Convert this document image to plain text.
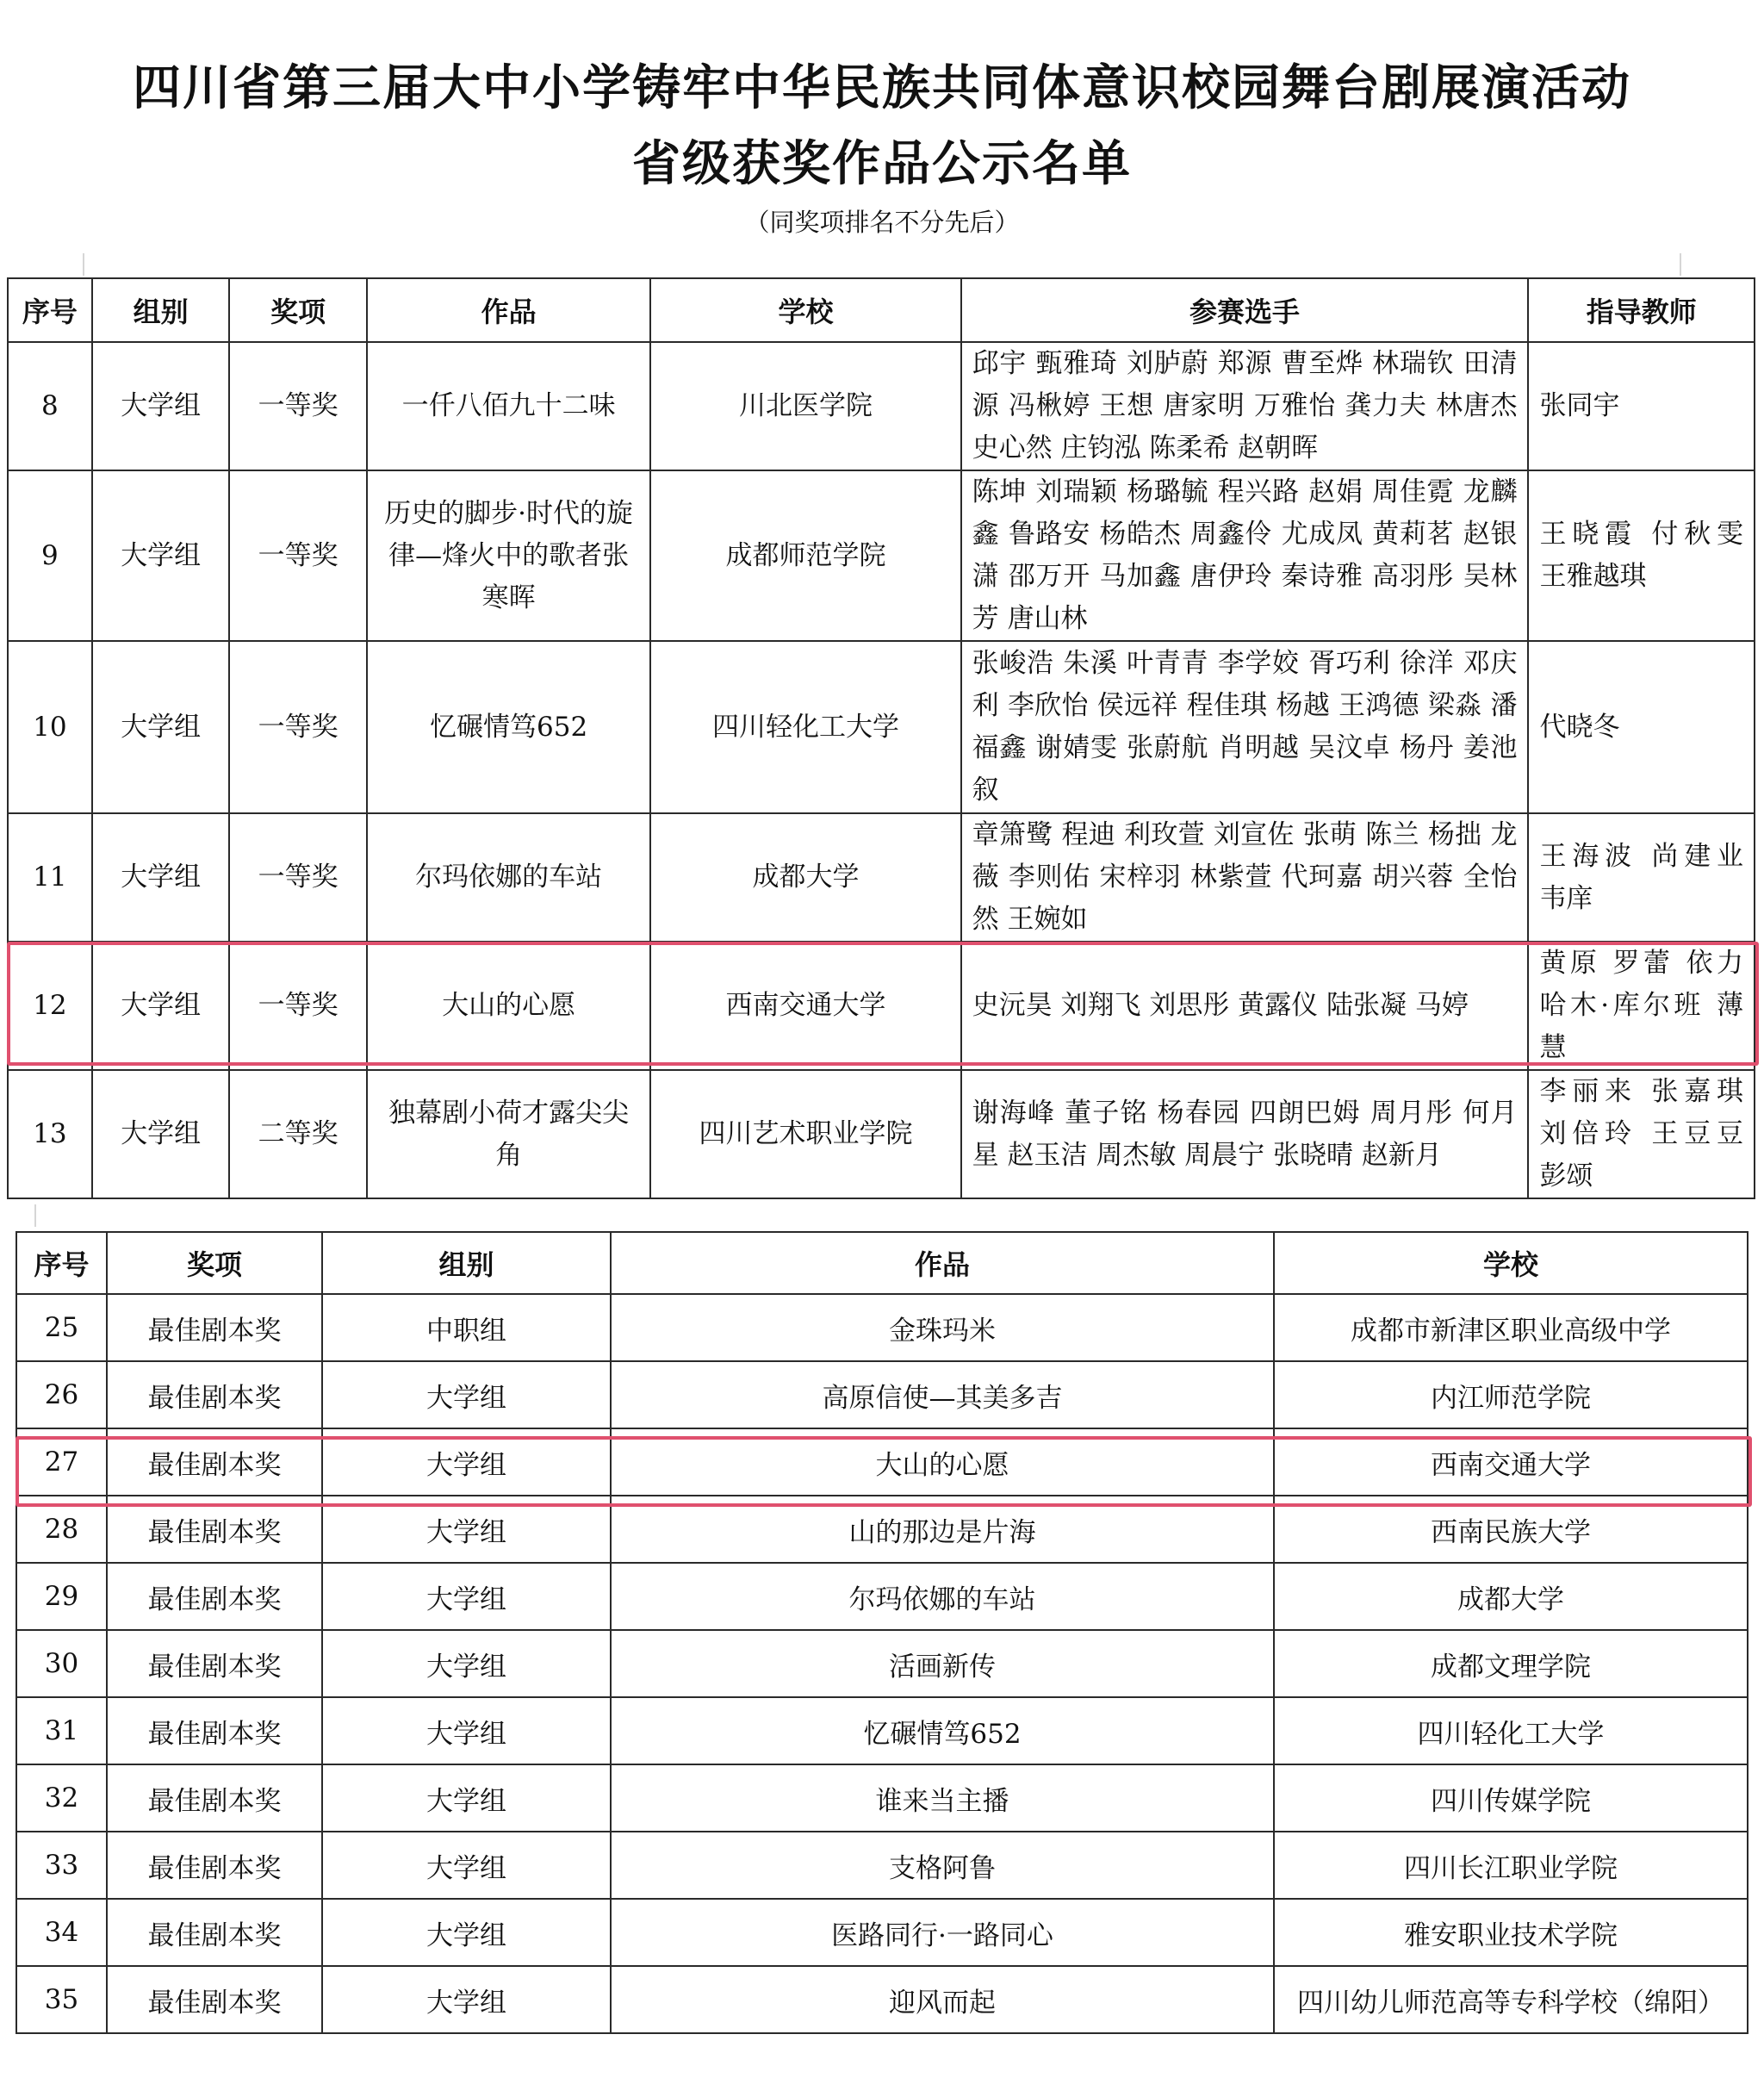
四川省第三届大中小学铸牢中华民族共同体意识校园舞台剧展演活动
省级获奖作品公示名单
（同奖项排名不分先后）
序号	组别	奖项	作品	学校	参赛选手	指导教师
8	大学组	一等奖	一仟八佰九十二味	川北医学院	邱宇 甄雅琦 刘胪蔚 郑源 曹至烨 林瑞钦 田清源 冯楸婷 王想 唐家明 万雅怡 龚力夫 林唐杰 史心然 庄钧泓 陈柔希 赵朝晖	张同宇
9	大学组	一等奖	历史的脚步·时代的旋律—烽火中的歌者张寒晖	成都师范学院	陈坤 刘瑞颖 杨璐毓 程兴路 赵娟 周佳霓 龙麟鑫 鲁路安 杨皓杰 周鑫伶 尤成凤 黄莉茗 赵银潇 邵万开 马加鑫 唐伊玲 秦诗雅 高羽彤 吴林芳 唐山林	王晓霞 付秋雯 王雅越琪
10	大学组	一等奖	忆碾情笃652	四川轻化工大学	张峻浩 朱溪 叶青青 李学姣 胥巧利 徐洋 邓庆利 李欣怡 侯远祥 程佳琪 杨越 王鸿德 梁淼 潘福鑫 谢婧雯 张蔚航 肖明越 吴汶卓 杨丹 姜池叙	代晓冬
11	大学组	一等奖	尔玛依娜的车站	成都大学	章箫鹭 程迪 利玫萱 刘宣佐 张萌 陈兰 杨拙 龙薇 李则佑 宋梓羽 林紫萱 代珂嘉 胡兴蓉 全怡然 王婉如	王海波 尚建业 韦庠
12	大学组	一等奖	大山的心愿	西南交通大学	史沅昊 刘翔飞 刘思彤 黄露仪 陆张凝 马婷	黄原 罗蕾 依力哈木·库尔班 薄慧
13	大学组	二等奖	独幕剧小荷才露尖尖角	四川艺术职业学院	谢海峰 董子铭 杨春园 四朗巴姆 周月彤 何月星 赵玉洁 周杰敏 周晨宁 张晓晴 赵新月	李丽来 张嘉琪 刘倍玲 王豆豆 彭颂
序号	奖项	组别	作品	学校
25	最佳剧本奖	中职组	金珠玛米	成都市新津区职业高级中学
26	最佳剧本奖	大学组	高原信使—其美多吉	内江师范学院
27	最佳剧本奖	大学组	大山的心愿	西南交通大学
28	最佳剧本奖	大学组	山的那边是片海	西南民族大学
29	最佳剧本奖	大学组	尔玛依娜的车站	成都大学
30	最佳剧本奖	大学组	活画新传	成都文理学院
31	最佳剧本奖	大学组	忆碾情笃652	四川轻化工大学
32	最佳剧本奖	大学组	谁来当主播	四川传媒学院
33	最佳剧本奖	大学组	支格阿鲁	四川长江职业学院
34	最佳剧本奖	大学组	医路同行·一路同心	雅安职业技术学院
35	最佳剧本奖	大学组	迎风而起	四川幼儿师范高等专科学校（绵阳）
